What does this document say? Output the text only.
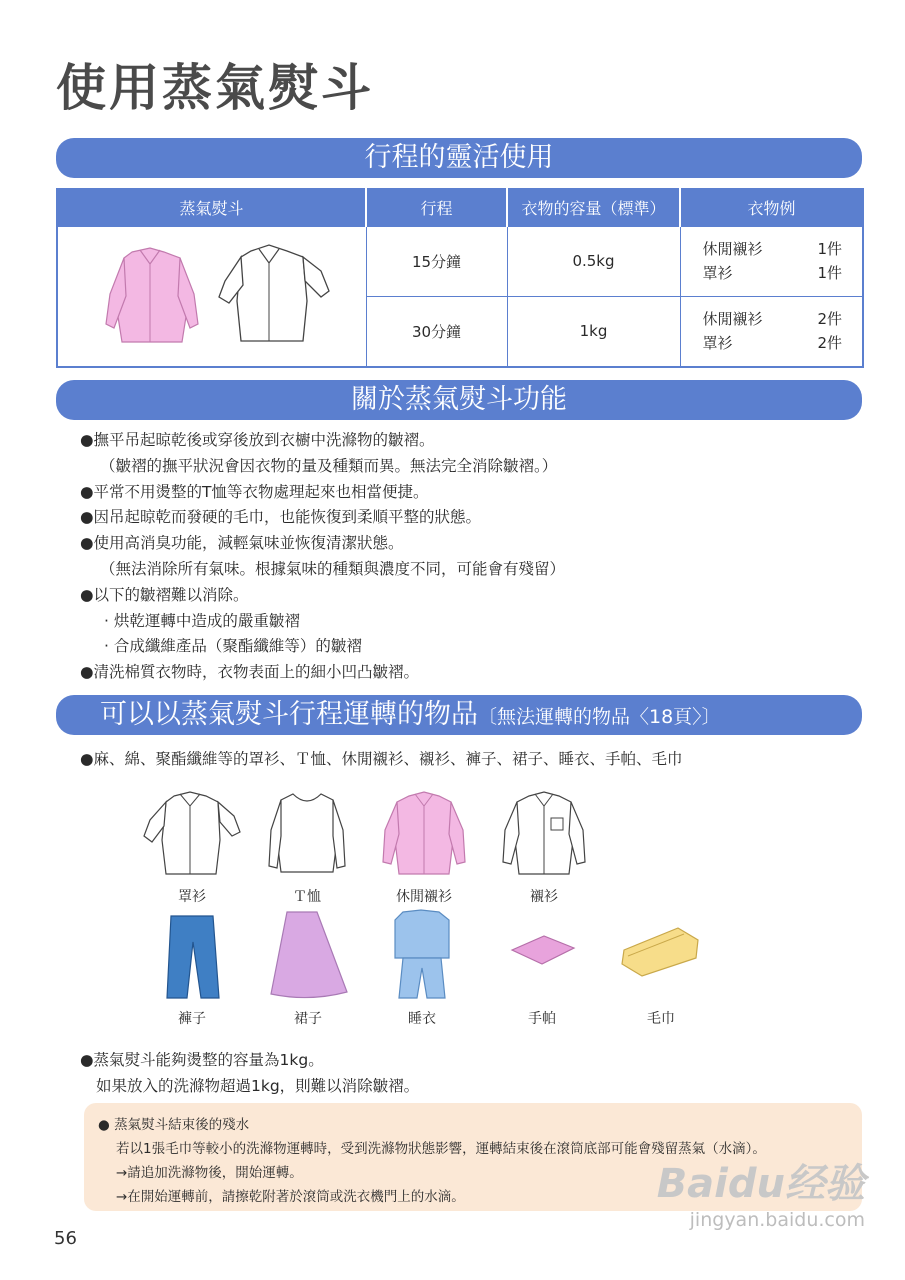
使用蒸氣熨斗
行程的靈活使用
蒸氣熨斗	行程	衣物的容量（標準）	衣物例
	15分鐘	0.5kg	休閒襯衫 1件
罩衫 1件

	30分鐘	1kg	休閒襯衫 2件
罩衫 2件
關於蒸氣熨斗功能
● 撫平吊起晾乾後或穿後放到衣櫥中洗滌物的皺褶。
（皺褶的撫平狀況會因衣物的量及種類而異。無法完全消除皺褶。）
● 平常不用燙整的T恤等衣物處理起來也相當便捷。
● 因吊起晾乾而發硬的毛巾，也能恢復到柔順平整的狀態。
● 使用高消臭功能，減輕氣味並恢復清潔狀態。
（無法消除所有氣味。根據氣味的種類與濃度不同，可能會有殘留）
● 以下的皺褶難以消除。
· 烘乾運轉中造成的嚴重皺褶
· 合成纖維產品（聚酯纖維等）的皺褶
● 清洗棉質衣物時，衣物表面上的細小凹凸皺褶。
可以以蒸氣熨斗行程運轉的物品〔無法運轉的物品〈18頁〉〕
● 麻、綿、聚酯纖維等的罩衫、Ｔ恤、休閒襯衫、襯衫、褲子、裙子、睡衣、手帕、毛巾
罩衫	Ｔ恤	休閒襯衫	襯衫
褲子	裙子	睡衣	手帕	毛巾
● 蒸氣熨斗能夠燙整的容量為1kg。
如果放入的洗滌物超過1kg，則難以消除皺褶。
● 蒸氣熨斗結束後的殘水
若以1張毛巾等較小的洗滌物運轉時，受到洗滌物狀態影響，運轉結束後在滾筒底部可能會殘留蒸氣（水滴）。
→請追加洗滌物後，開始運轉。
→在開始運轉前，請擦乾附著於滾筒或洗衣機門上的水滴。
56
Baidu经验
jingyan.baidu.com
